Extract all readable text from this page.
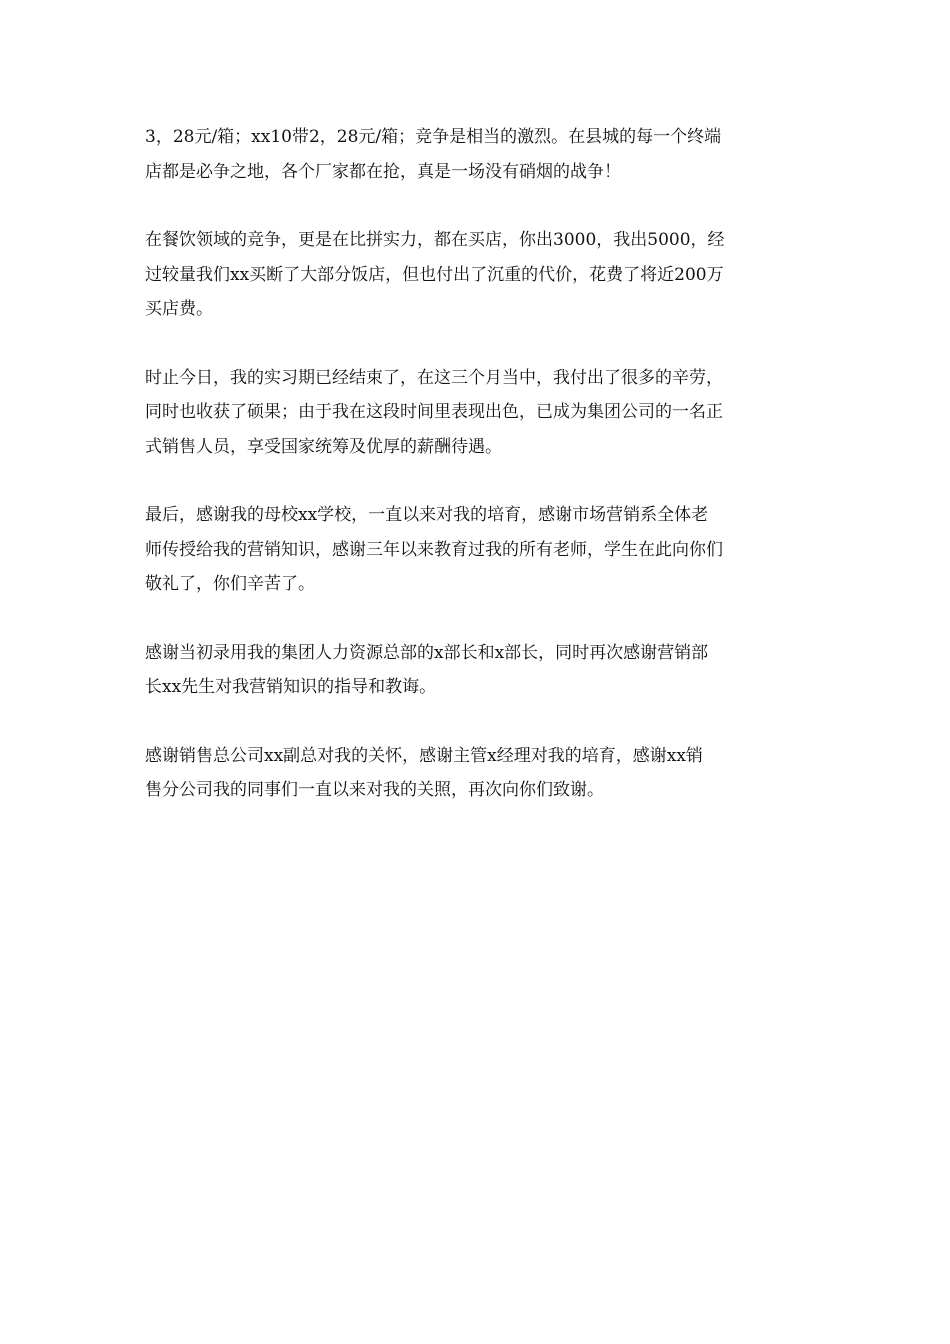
3，28元/箱；xx10带2，28元/箱；竞争是相当的激烈。在县城的每一个终端
店都是必争之地，各个厂家都在抢，真是一场没有硝烟的战争！

在餐饮领域的竞争，更是在比拼实力，都在买店，你出3000，我出5000，经
过较量我们xx买断了大部分饭店，但也付出了沉重的代价，花费了将近200万
买店费。

时止今日，我的实习期已经结束了，在这三个月当中，我付出了很多的辛劳，
同时也收获了硕果；由于我在这段时间里表现出色，已成为集团公司的一名正
式销售人员，享受国家统筹及优厚的薪酬待遇。

最后，感谢我的母校xx学校，一直以来对我的培育，感谢市场营销系全体老
师传授给我的营销知识，感谢三年以来教育过我的所有老师，学生在此向你们
敬礼了，你们辛苦了。

感谢当初录用我的集团人力资源总部的x部长和x部长，同时再次感谢营销部
长xx先生对我营销知识的指导和教诲。

感谢销售总公司xx副总对我的关怀，感谢主管x经理对我的培育，感谢xx销
售分公司我的同事们一直以来对我的关照，再次向你们致谢。
